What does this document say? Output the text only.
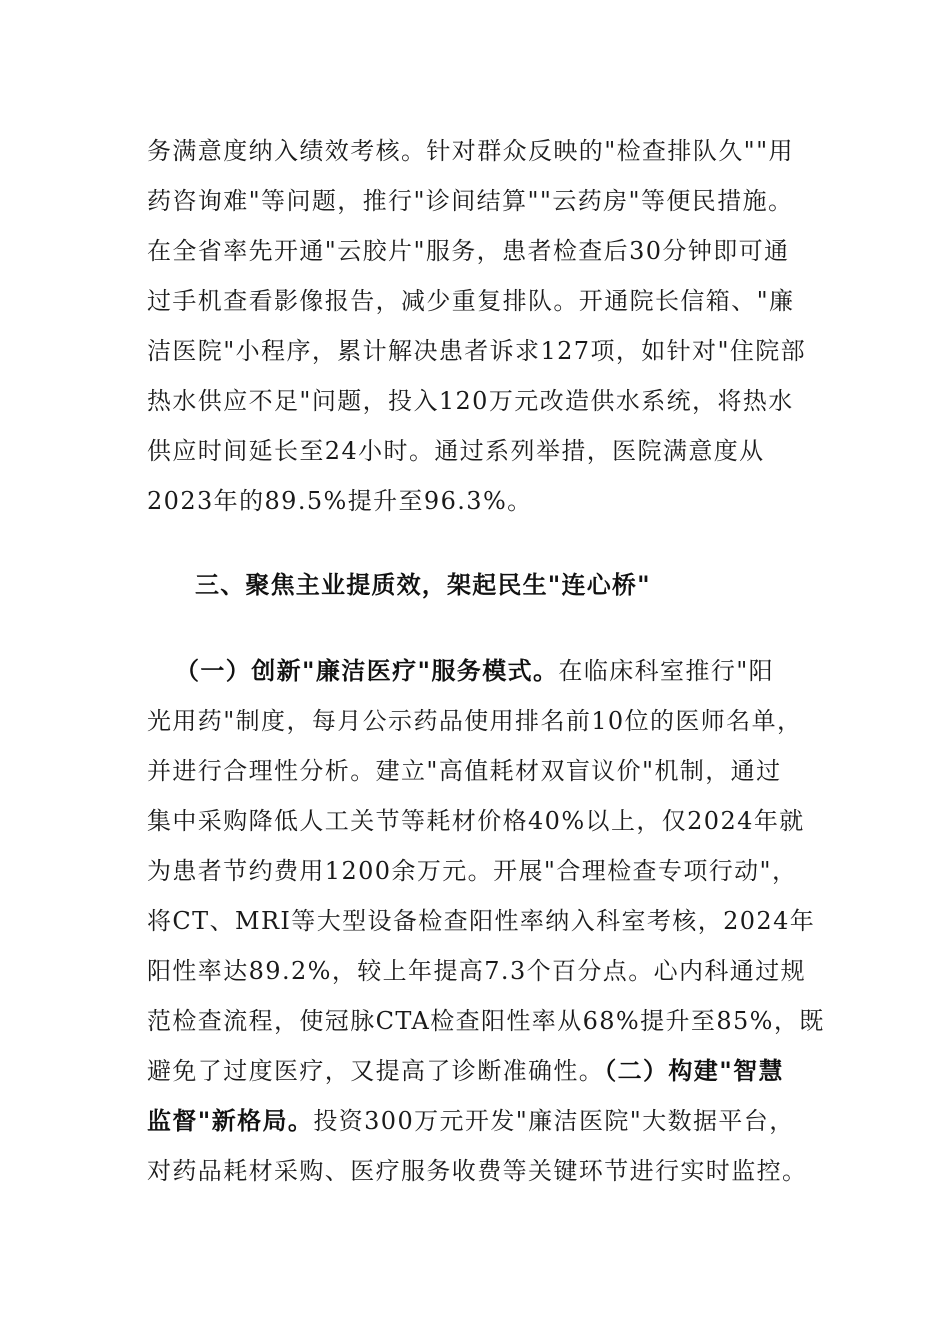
务满意度纳入绩效考核。针对群众反映的"检查排队久""用
药咨询难"等问题，推行"诊间结算""云药房"等便民措施。
在全省率先开通"云胶片"服务，患者检查后30分钟即可通
过手机查看影像报告，减少重复排队。开通院长信箱、"廉
洁医院"小程序，累计解决患者诉求127项，如针对"住院部
热水供应不足"问题，投入120万元改造供水系统，将热水
供应时间延长至24小时。通过系列举措，医院满意度从
2023年的89.5%提升至96.3%。
三、聚焦主业提质效，架起民生"连心桥"
（一）创新"廉洁医疗"服务模式。在临床科室推行"阳
光用药"制度，每月公示药品使用排名前10位的医师名单，
并进行合理性分析。建立"高值耗材双盲议价"机制，通过
集中采购降低人工关节等耗材价格40%以上，仅2024年就
为患者节约费用1200余万元。开展"合理检查专项行动"，
将CT、MRI等大型设备检查阳性率纳入科室考核，2024年
阳性率达89.2%，较上年提高7.3个百分点。心内科通过规
范检查流程，使冠脉CTA检查阳性率从68%提升至85%，既
避免了过度医疗，又提高了诊断准确性。（二）构建"智慧
监督"新格局。投资300万元开发"廉洁医院"大数据平台，
对药品耗材采购、医疗服务收费等关键环节进行实时监控。
